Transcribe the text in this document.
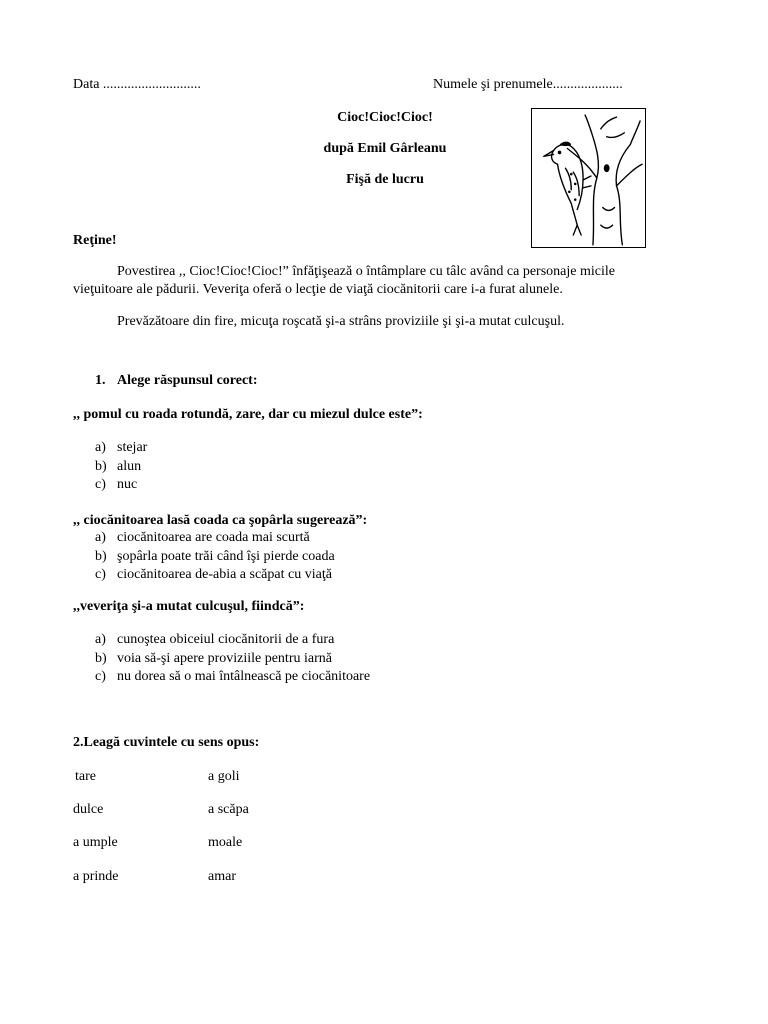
Data ............................	Numele şi prenumele....................
Cioc!Cioc!Cioc!
după Emil Gârleanu
Fişă de lucru
Reţine!
Povestirea ,, Cioc!Cioc!Cioc!” înfăţişează o întâmplare cu tâlc având ca personaje micile vieţuitoare ale pădurii. Veveriţa oferă o lecţie de viaţă ciocănitorii care i-a furat alunele.
Prevăzătoare din fire, micuţa roşcată şi-a strâns proviziile şi şi-a mutat culcuşul.
1. Alege răspunsul corect:
,, pomul cu roada rotundă, zare, dar cu miezul dulce este”:
a) stejar
b) alun
c) nuc
,, ciocănitoarea lasă coada ca şopârla sugerează”:
a) ciocănitoarea are coada mai scurtă
b) şopârla poate trăi când îşi pierde coada
c) ciocănitoarea de-abia a scăpat cu viaţă
,,veveriţa şi-a mutat culcuşul, fiindcă”:
a) cunoştea obiceiul ciocănitorii de a fura
b) voia să-şi apere proviziile pentru iarnă
c) nu dorea să o mai întâlnească pe ciocănitoare
2.Leagă cuvintele cu sens opus:
tare	a goli
dulce	a scăpa
a umple	moale
a prinde	amar
